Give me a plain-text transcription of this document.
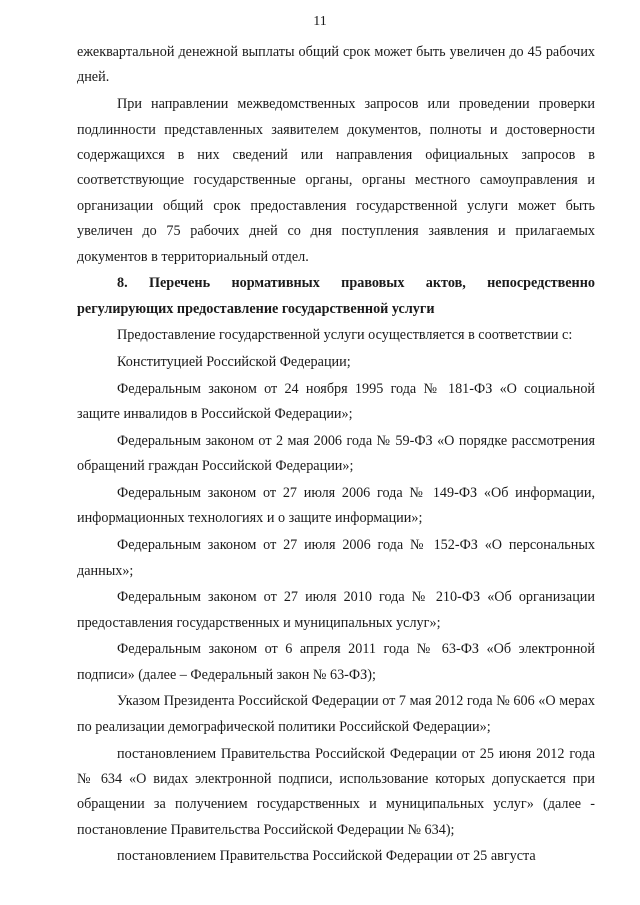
11

ежеквартальной денежной выплаты общий срок может быть увеличен до 45 рабочих дней.

При направлении межведомственных запросов или проведении проверки подлинности представленных заявителем документов, полноты и достоверности содержащихся в них сведений или направления официальных запросов в соответствующие государственные органы, органы местного самоуправления и организации общий срок предоставления государственной услуги может быть увеличен до 75 рабочих дней со дня поступления заявления и прилагаемых документов в территориальный отдел.

8. Перечень нормативных правовых актов, непосредственно регулирующих предоставление государственной услуги

Предоставление государственной услуги осуществляется в соответствии с:

Конституцией Российской Федерации;

Федеральным законом от 24 ноября 1995 года № 181-ФЗ «О социальной защите инвалидов в Российской Федерации»;

Федеральным законом от 2 мая 2006 года № 59-ФЗ «О порядке рассмотрения обращений граждан Российской Федерации»;

Федеральным законом от 27 июля 2006 года № 149-ФЗ «Об информации, информационных технологиях и о защите информации»;

Федеральным законом от 27 июля 2006 года № 152-ФЗ «О персональных данных»;

Федеральным законом от 27 июля 2010 года № 210-ФЗ «Об организации предоставления государственных и муниципальных услуг»;

Федеральным законом от 6 апреля 2011 года № 63-ФЗ «Об электронной подписи» (далее – Федеральный закон № 63-ФЗ);

Указом Президента Российской Федерации от 7 мая 2012 года № 606 «О мерах по реализации демографической политики Российской Федерации»;

постановлением Правительства Российской Федерации от 25 июня 2012 года № 634 «О видах электронной подписи, использование которых допускается при обращении за получением государственных и муниципальных услуг» (далее - постановление Правительства Российской Федерации № 634);

постановлением Правительства Российской Федерации от 25 августа
